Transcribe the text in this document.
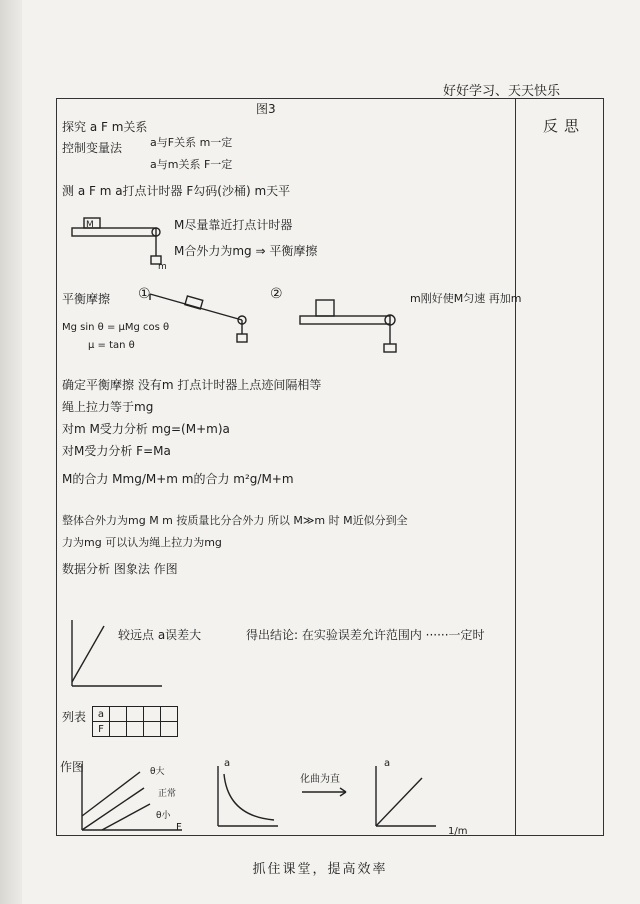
好好学习、天天快乐
反思
图3
探究 a F m关系
控制变量法	a与F关系 m一定
a与m关系 F一定
测 a F m a打点计时器 F勾码(沙桶) m天平
M
m
M尽量靠近打点计时器
M合外力为mg ⇒ 平衡摩擦
平衡摩擦 ①
Mg sin θ = μMg cos θ
μ = tan θ
②	m刚好使M匀速 再加m
确定平衡摩擦 没有m 打点计时器上点迹间隔相等
绳上拉力等于mg
对m M受力分析 mg=(M+m)a
对M受力分析 F=Ma
M的合力 Mmg/M+m m的合力 m²g/M+m
整体合外力为mg M m 按质量比分合外力 所以 M≫m 时 M近似分到全
力为mg 可以认为绳上拉力为mg
数据分析 图象法 作图
较远点 a误差大	得出结论: 在实验误差允许范围内 ······一定时
列表 a				
F				
作图	θ大
正常
θ小
F
a
化曲为直
a
1/m
抓住课堂，提高效率
